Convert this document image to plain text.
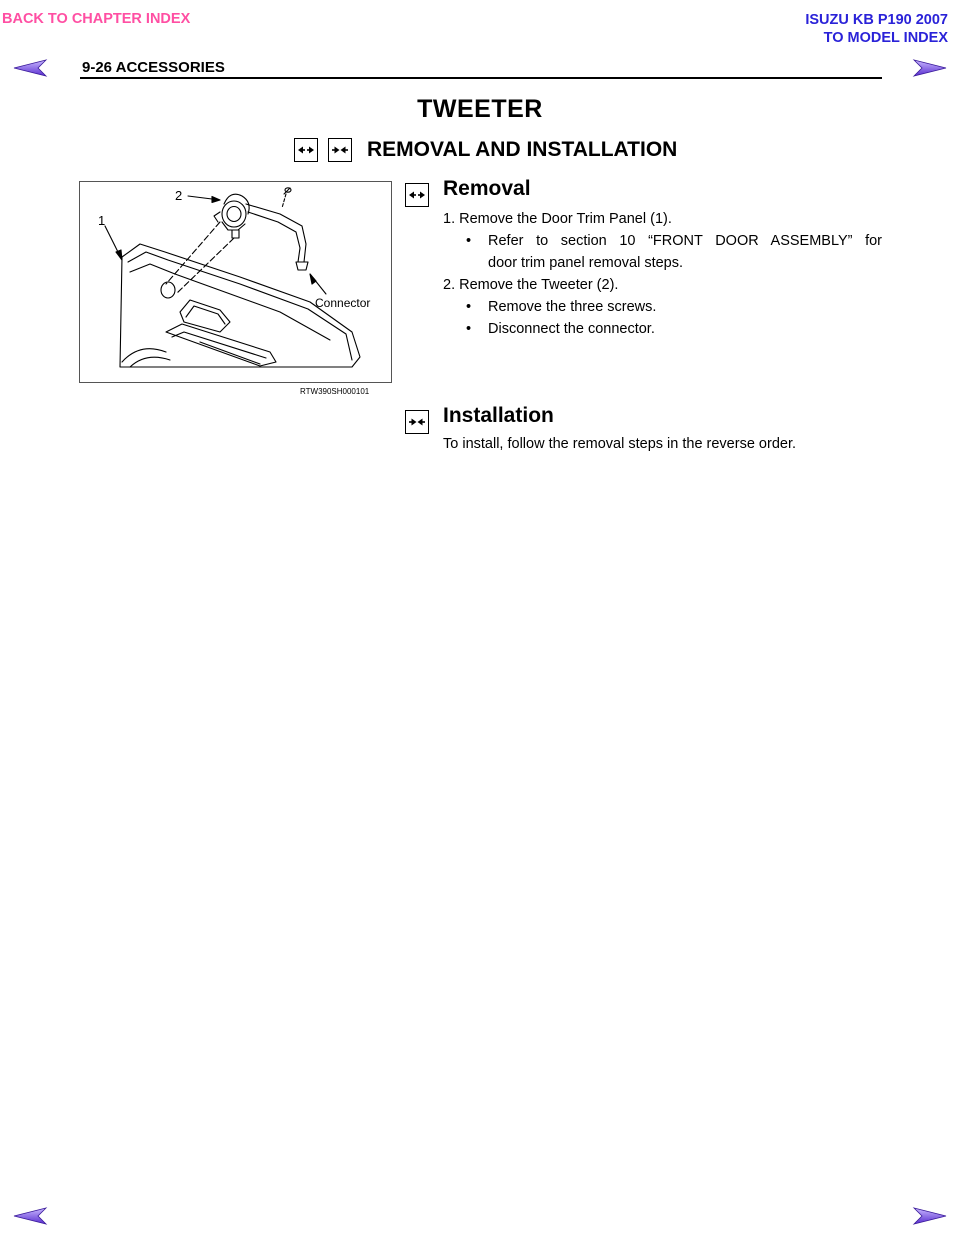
BACK TO CHAPTER INDEX	ISUZU KB P190 2007
TO MODEL INDEX
9-26 ACCESSORIES
TWEETER
REMOVAL AND INSTALLATION
1
2
Connector
RTW390SH000101
Removal
1. Remove the Door Trim Panel (1).
• Refer to section 10 “FRONT DOOR ASSEMBLY” for
door trim panel removal steps.
2. Remove the Tweeter (2).
• Remove the three screws.
• Disconnect the connector.
Installation
To install, follow the removal steps in the reverse order.
